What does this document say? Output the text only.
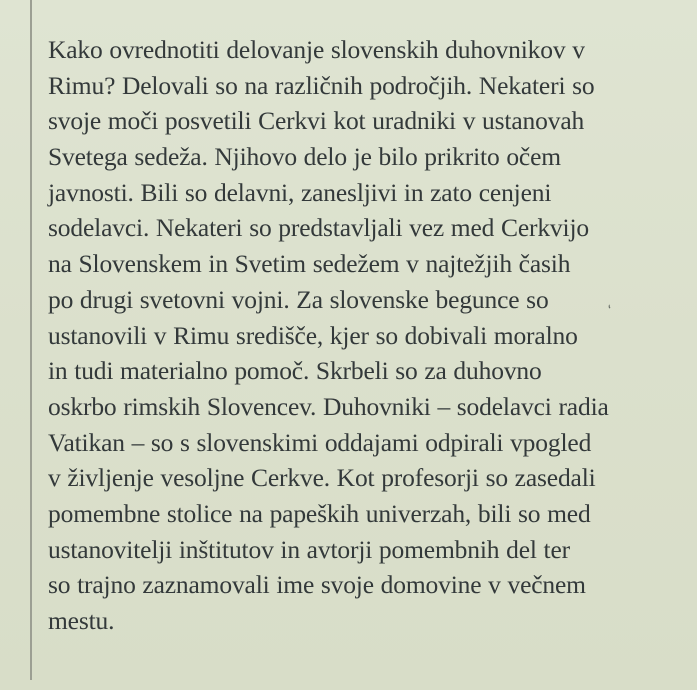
‘
Kako ovrednotiti delovanje slovenskih duhovnikov v
Rimu? Delovali so na različnih področjih. Nekateri so
svoje moči posvetili Cerkvi kot uradniki v ustanovah
Svetega sedeža. Njihovo delo je bilo prikrito očem
javnosti. Bili so delavni, zanesljivi in zato cenjeni
sodelavci. Nekateri so predstavljali vez med Cerkvijo
na Slovenskem in Svetim sedežem v najtežjih časih
po drugi svetovni vojni. Za slovenske begunce so
ustanovili v Rimu središče, kjer so dobivali moralno
in tudi materialno pomoč. Skrbeli so za duhovno
oskrbo rimskih Slovencev. Duhovniki – sodelavci radia
Vatikan – so s slovenskimi oddajami odpirali vpogled
v življenje vesoljne Cerkve. Kot profesorji so zasedali
pomembne stolice na papeških univerzah, bili so med
ustanovitelji inštitutov in avtorji pomembnih del ter
so trajno zaznamovali ime svoje domovine v večnem
mestu.
